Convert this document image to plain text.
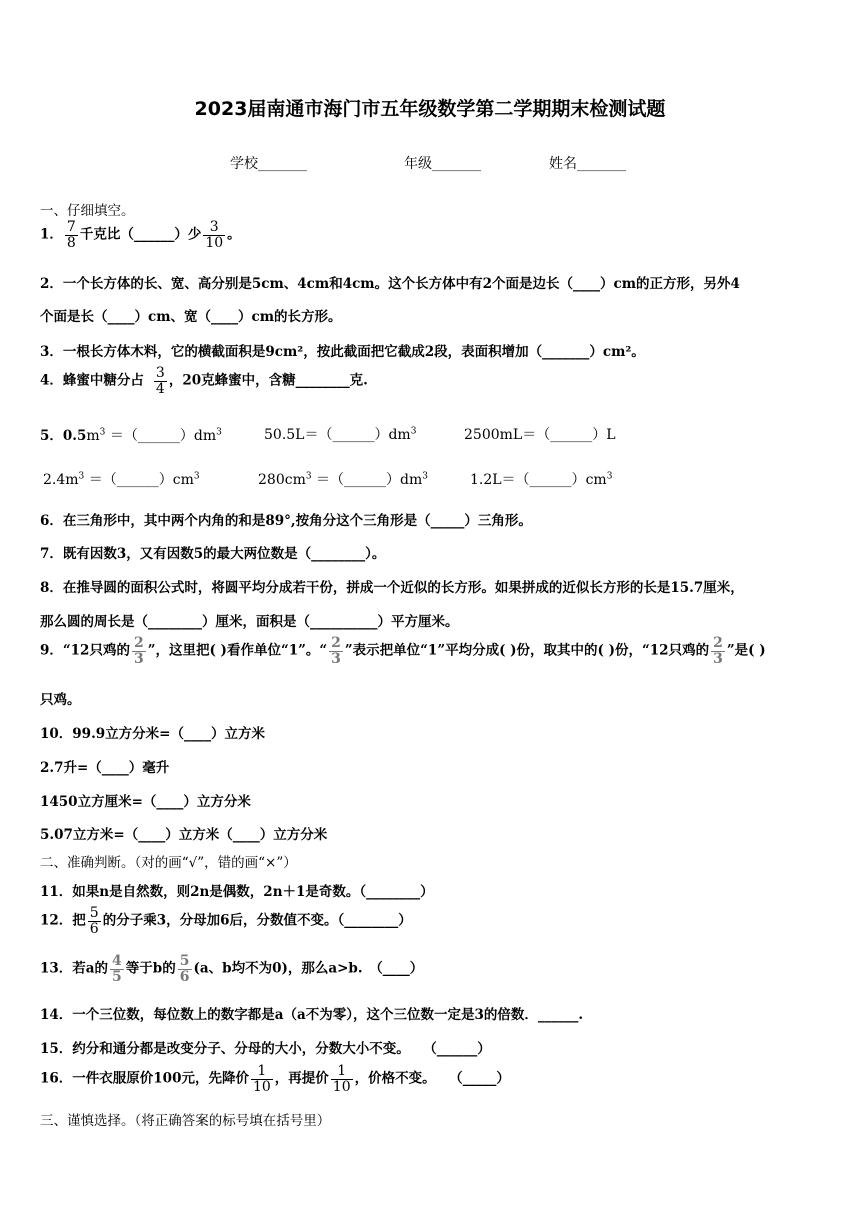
2023届南通市海门市五年级数学第二学期期末检测试题
学校_______	年级_______	姓名_______
一、仔细填空。
1． $\frac{7}{8}$ 千克比（______）少 $\frac{3}{10}$ 。
2．一个长方体的长、宽、高分别是5cm、4cm和4cm。这个长方体中有2个面是边长（____）cm的正方形，另外4
个面是长（____）cm、宽（____）cm的长方形。
3．一根长方体木料，它的横截面积是9cm²，按此截面把它截成2段，表面积增加（_______）cm²。
4．蜂蜜中糖分占 $\frac{3}{4}$ ，20克蜂蜜中，含糖________克.
5．$0.5m^3$ $=(\_\_\_\_\_\_)dm^3$	$50.5L=(\_\_\_\_\_\_)dm^3$	2500mL＝（______）L
$2.4m^3$ $=(\_\_\_\_\_\_)cm^3$	$280cm^3$ $=(\_\_\_\_\_\_)dm^3$	$1.2L=(\_\_\_\_\_\_)cm^3$
6．在三角形中，其中两个内角的和是89°,按角分这个三角形是（_____）三角形。
7．既有因数3，又有因数5的最大两位数是（________）。
8．在推导圆的面积公式时，将圆平均分成若干份，拼成一个近似的长方形。如果拼成的近似长方形的长是15.7厘米，
那么圆的周长是（________）厘米，面积是（__________）平方厘米。
9．“12只鸡的 $\frac{2}{3}$ ”，这里把( )看作单位“1”。“ $\frac{2}{3}$ ”表示把单位“1”平均分成( )份，取其中的( )份，“12只鸡的 $\frac{2}{3}$ ”是( )
只鸡。
10．99.9立方分米=（____）立方米
2.7升=（____）毫升
1450立方厘米=（____）立方分米
5.07立方米=（____）立方米（____）立方分米
二、准确判断。（对的画“√”，错的画“×”）
11．如果n是自然数，则2n是偶数，2n＋1是奇数。（________）
12．把 $\frac{5}{6}$ 的分子乘3，分母加6后，分数值不变。（________）
13．若a的 $\frac{4}{5}$ 等于b的 $\frac{5}{6} (a$、b均不为0)，那么a>b.　（____）
14．一个三位数，每位数上的数字都是a（a不为零），这个三位数一定是3的倍数．______.
15．约分和通分都是改变分子、分母的大小，分数大小不变。　　（______）
16．一件衣服原价100元，先降价 $\frac{1}{10}$ ，再提价 $\frac{1}{10}$ ，价格不变。　　（_____）
三、谨慎选择。（将正确答案的标号填在括号里）
